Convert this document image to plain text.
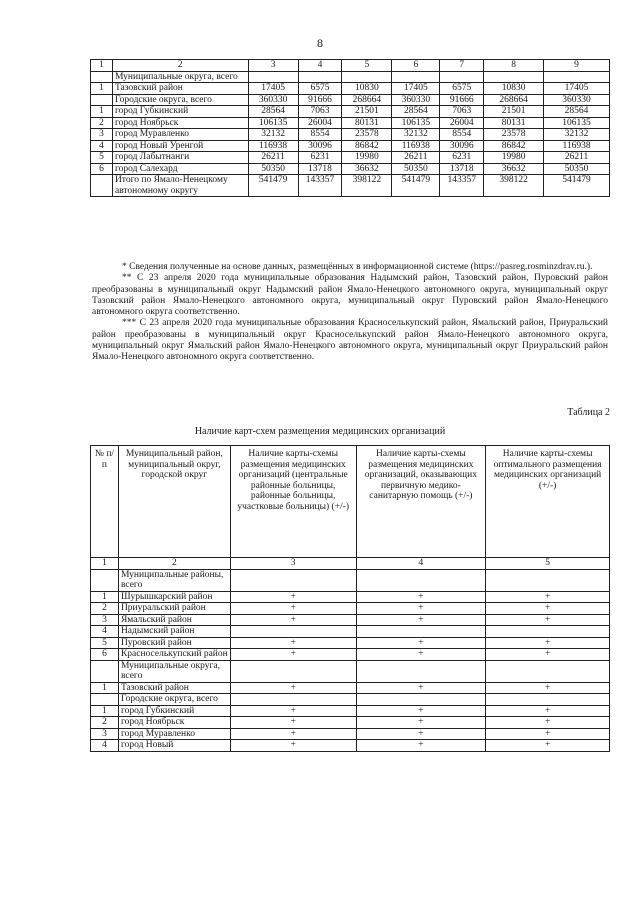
8
1	2	3	4	5	6	7	8	9
	Муниципальные округа, всего							
1	Тазовский район	17405	6575	10830	17405	6575	10830	17405
	Городские округа, всего	360330	91666	268664	360330	91666	268664	360330
1	город Губкинский	28564	7063	21501	28564	7063	21501	28564
2	город Ноябрьск	106135	26004	80131	106135	26004	80131	106135
3	город Муравленко	32132	8554	23578	32132	8554	23578	32132
4	город Новый Уренгой	116938	30096	86842	116938	30096	86842	116938
5	город Лабытнанги	26211	6231	19980	26211	6231	19980	26211
6	город Салехард	50350	13718	36632	50350	13718	36632	50350
	Итого по Ямало-Ненецкому автономному округу	541479	143357	398122	541479	143357	398122	541479

* Сведения полученные на основе данных, размещённых в информационной системе (https://pasreg.rosminzdrav.ru.).

** С 23 апреля 2020 года муниципальные образования Надымский район, Тазовский район, Пуровский район преобразованы в муниципальный округ Надымский район Ямало-Ненецкого автономного округа, муниципальный округ Тазовский район Ямало-Ненецкого автономного округа, муниципальный округ Пуровский район Ямало-Ненецкого автономного округа соответственно.

*** С 23 апреля 2020 года муниципальные образования Красноселькупский район, Ямальский район, Приуральский район преобразованы в муниципальный округ Красноселькупский район Ямало-Ненецкого автономного округа, муниципальный округ Ямальский район Ямало-Ненецкого автономного округа, муниципальный округ Приуральский район Ямало-Ненецкого автономного округа соответственно.

Таблица 2
Наличие карт-схем размещения медицинских организаций
№ п/п	Муниципальный район, муниципальный округ, городской округ	Наличие карты-схемы размещения медицинских организаций (центральные районные больницы, районные больницы, участковые больницы) (+/-)	Наличие карты-схемы размещения медицинских организаций, оказывающих первичную медико-санитарную помощь (+/-)	Наличие карты-схемы оптимального размещения медицинских организаций (+/-)
1	2	3	4	5
	Муниципальные районы, всего			
1	Шурышкарский район	+	+	+
2	Приуральский район	+	+	+
3	Ямальский район	+	+	+
4	Надымский район			
5	Пуровский район	+	+	+
6	Красноселькупский район	+	+	+
	Муниципальные округа, всего			
1	Тазовский район	+	+	+
	Городские округа, всего			
1	город Губкинский	+	+	+
2	город Ноябрьск	+	+	+
3	город Муравленко	+	+	+
4	город Новый	+	+	+
